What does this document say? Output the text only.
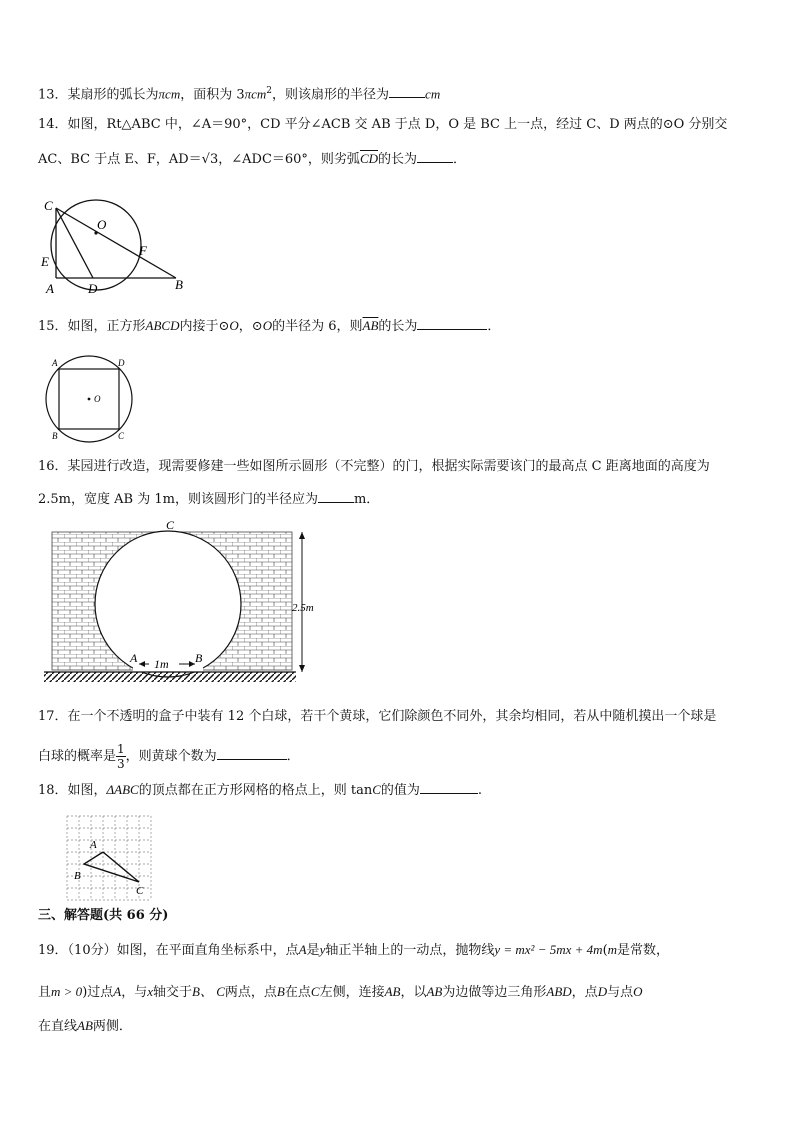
13．某扇形的弧长为πcm，面积为 3πcm$^2$，则该扇形的半径为	cm
14．如图，Rt△ABC 中，∠A＝90°，CD 平分∠ACB 交 AB 于点 D，O 是 BC 上一点，经过 C、D 两点的⊙O 分别交
AC、BC 于点 E、F，AD＝√3，∠ADC＝60°，则劣弧$\overline{CD}$的长为	．
C
O
F
E
A	D	B
15．如图，正方形ABCD内接于⊙O，⊙O的半径为 6，则$\overline{AB}$的长为	．
A	D
B	C
O
16．某园进行改造，现需要修建一些如图所示圆形（不完整）的门，根据实际需要该门的最高点 C 距离地面的高度为
2.5m，宽度 AB 为 1m，则该圆形门的半径应为	m．
C
A	B
1m
2.5m
17．在一个不透明的盒子中装有 12 个白球，若干个黄球，它们除颜色不同外，其余均相同，若从中随机摸出一个球是
白球的概率是 $\frac{1}{3}$ ，则黄球个数为	．
18．如图，ΔABC的顶点都在正方形网格的格点上，则 tanC的值为	.
A
B
C
三、解答题(共 66 分)
19．（10分）如图，在平面直角坐标系中，点A是y轴正半轴上的一动点，抛物线y = mx² − 5mx + 4m(m是常数，
且m > 0)过点A，与x轴交于B、 C两点，点B在点C左侧，连接AB，以AB为边做等边三角形ABD，点D与点O
在直线AB两侧．
